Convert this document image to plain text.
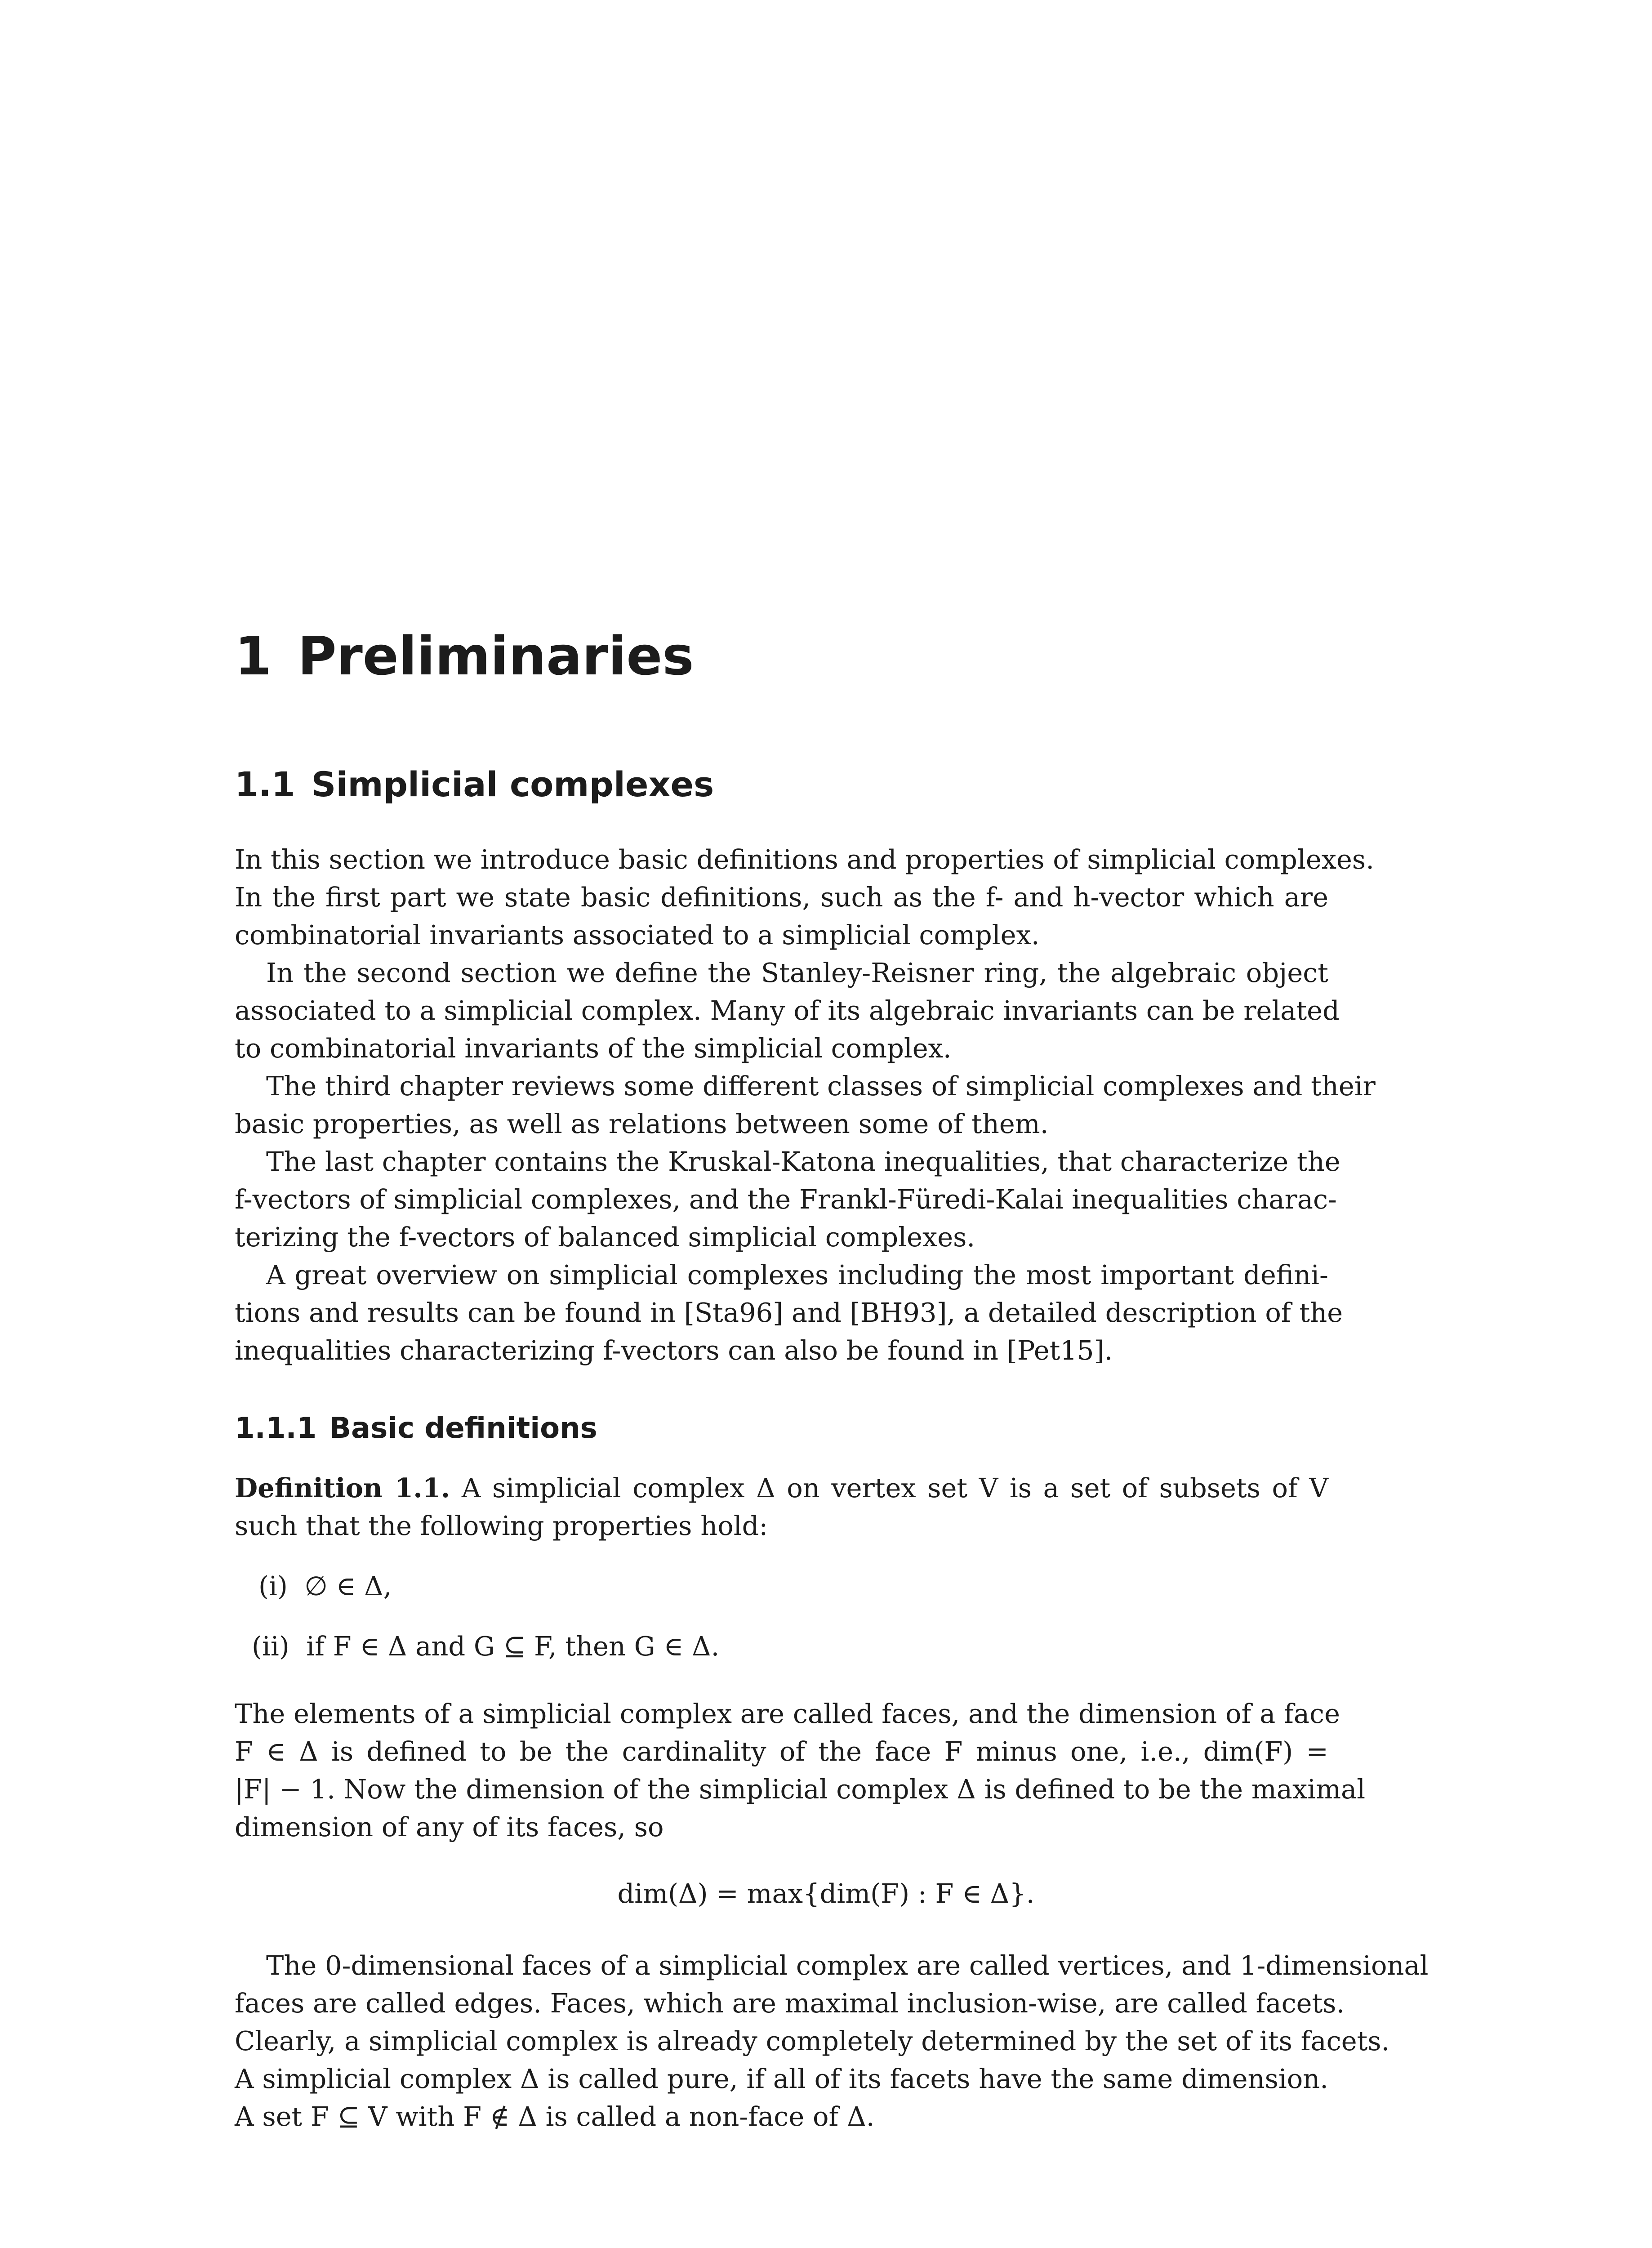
1 Preliminaries
1.1 Simplicial complexes
In this section we introduce basic definitions and properties of simplicial complexes.
In the first part we state basic definitions, such as the f- and h-vector which are
combinatorial invariants associated to a simplicial complex.
In the second section we define the Stanley-Reisner ring, the algebraic object
associated to a simplicial complex. Many of its algebraic invariants can be related
to combinatorial invariants of the simplicial complex.
The third chapter reviews some different classes of simplicial complexes and their
basic properties, as well as relations between some of them.
The last chapter contains the Kruskal-Katona inequalities, that characterize the
f-vectors of simplicial complexes, and the Frankl-Füredi-Kalai inequalities charac-
terizing the f-vectors of balanced simplicial complexes.
A great overview on simplicial complexes including the most important defini-
tions and results can be found in [Sta96] and [BH93], a detailed description of the
inequalities characterizing f-vectors can also be found in [Pet15].
1.1.1 Basic definitions
Definition 1.1. A simplicial complex Δ on vertex set V is a set of subsets of V
such that the following properties hold:
(i) ∅ ∈ Δ,
(ii) if F ∈ Δ and G ⊆ F, then G ∈ Δ.
The elements of a simplicial complex are called faces, and the dimension of a face
F ∈ Δ is defined to be the cardinality of the face F minus one, i.e., dim(F) =
|F| − 1. Now the dimension of the simplicial complex Δ is defined to be the maximal
dimension of any of its faces, so
dim(Δ) = max{dim(F) : F ∈ Δ}.
The 0-dimensional faces of a simplicial complex are called vertices, and 1-dimensional
faces are called edges. Faces, which are maximal inclusion-wise, are called facets.
Clearly, a simplicial complex is already completely determined by the set of its facets.
A simplicial complex Δ is called pure, if all of its facets have the same dimension.
A set F ⊆ V with F ∉ Δ is called a non-face of Δ.
